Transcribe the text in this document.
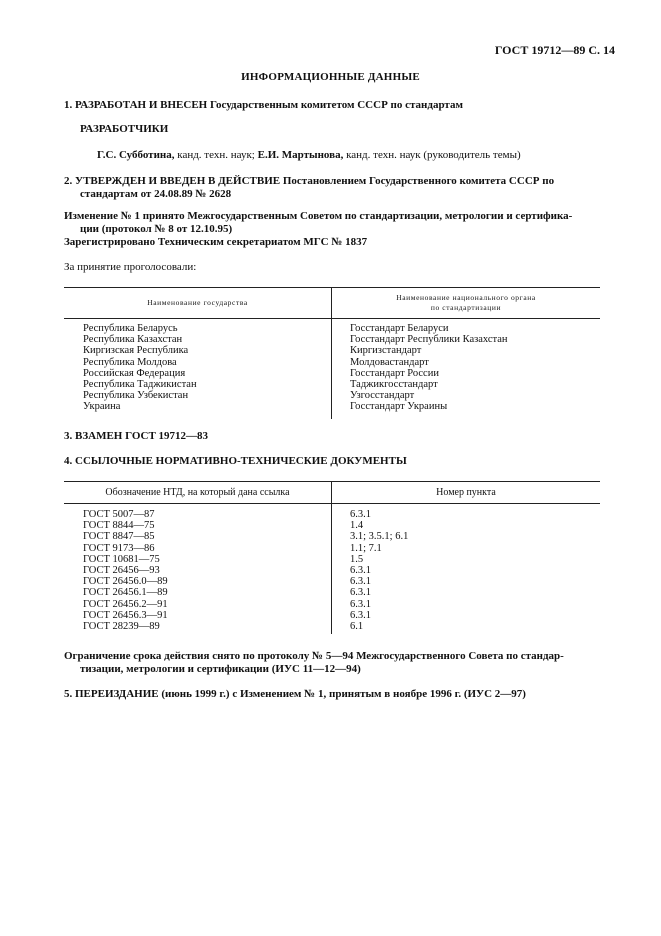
ГОСТ 19712—89 С. 14
ИНФОРМАЦИОННЫЕ ДАННЫЕ
1. РАЗРАБОТАН И ВНЕСЕН Государственным комитетом СССР по стандартам
РАЗРАБОТЧИКИ
Г.С. Субботина, канд. техн. наук; Е.И. Мартынова, канд. техн. наук (руководитель темы)
2. УТВЕРЖДЕН И ВВЕДЕН В ДЕЙСТВИЕ Постановлением Государственного комитета СССР по
стандартам от 24.08.89 № 2628
Изменение № 1 принято Межгосударственным Советом по стандартизации, метрологии и сертифика-
ции (протокол № 8 от 12.10.95)
Зарегистрировано Техническим секретариатом МГС № 1837
За принятие проголосовали:
Наименование государства
Наименование национального органа
по стандартизации
Республика Беларусь
Республика Казахстан
Киргизская Республика
Республика Молдова
Российская Федерация
Республика Таджикистан
Республика Узбекистан
Украина
Госстандарт Беларуси
Госстандарт Республики Казахстан
Киргизстандарт
Молдовастандарт
Госстандарт России
Таджикгосстандарт
Узгосстандарт
Госстандарт Украины
3. ВЗАМЕН ГОСТ 19712—83
4. ССЫЛОЧНЫЕ НОРМАТИВНО-ТЕХНИЧЕСКИЕ ДОКУМЕНТЫ
Обозначение НТД, на который дана ссылка	Номер пункта
ГОСТ 5007—87
ГОСТ 8844—75
ГОСТ 8847—85
ГОСТ 9173—86
ГОСТ 10681—75
ГОСТ 26456—93
ГОСТ 26456.0—89
ГОСТ 26456.1—89
ГОСТ 26456.2—91
ГОСТ 26456.3—91
ГОСТ 28239—89
6.3.1
1.4
3.1; 3.5.1; 6.1
1.1; 7.1
1.5
6.3.1
6.3.1
6.3.1
6.3.1
6.3.1
6.1
Ограничение срока действия снято по протоколу № 5—94 Межгосударственного Совета по стандар-
тизации, метрологии и сертификации (ИУС 11—12—94)
5. ПЕРЕИЗДАНИЕ (июнь 1999 г.) с Изменением № 1, принятым в ноябре 1996 г. (ИУС 2—97)
